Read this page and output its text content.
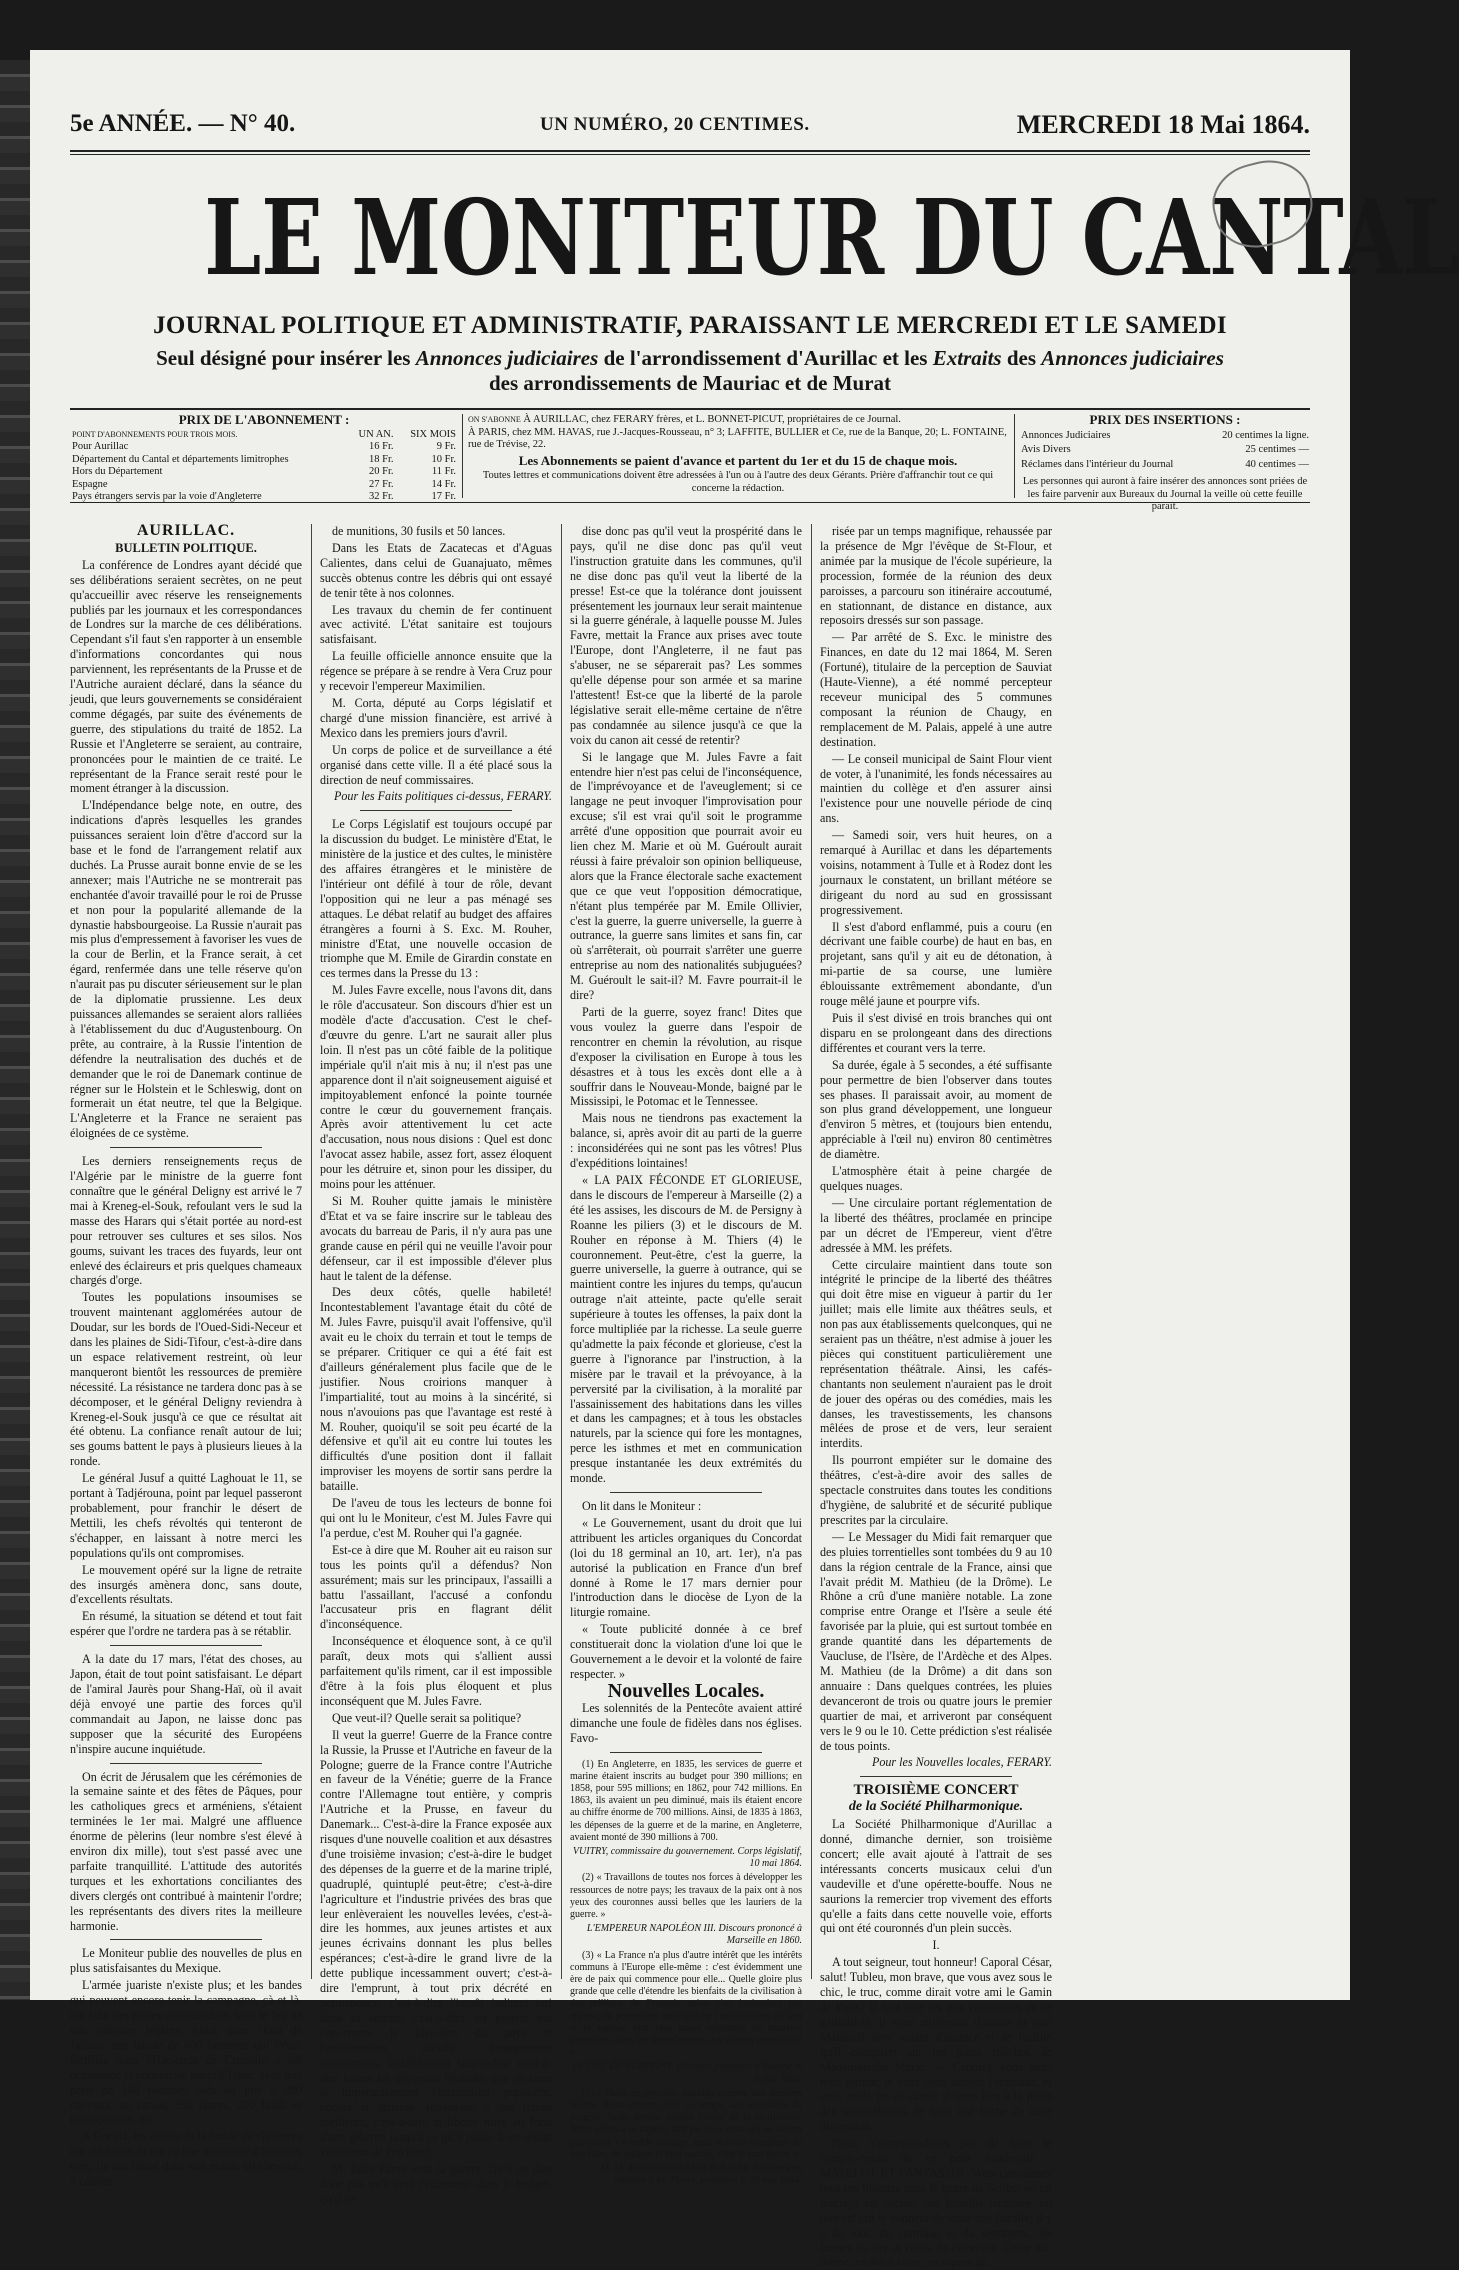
5e ANNÉE. — N° 40.	UN NUMÉRO, 20 CENTIMES.	MERCREDI 18 Mai 1864.
LE MONITEUR DU CANTAL
JOURNAL POLITIQUE ET ADMINISTRATIF, PARAISSANT LE MERCREDI ET LE SAMEDI
Seul désigné pour insérer les Annonces judiciaires de l'arrondissement d'Aurillac et les Extraits des Annonces judiciaires
des arrondissements de Mauriac et de Murat
PRIX DE L'ABONNEMENT :
POINT D'ABONNEMENTS POUR TROIS MOIS.	UN AN.	SIX MOIS
Pour Aurillac	16 Fr.	9 Fr.
Département du Cantal et départements limitrophes	18 Fr.	10 Fr.
Hors du Département	20 Fr.	11 Fr.
Espagne	27 Fr.	14 Fr.
Pays étrangers servis par la voie d'Angleterre	32 Fr.	17 Fr.
ON S'ABONNE À AURILLAC, chez FERARY frères, et L. BONNET-PICUT, propriétaires de ce Journal.
À PARIS, chez MM. HAVAS, rue J.-Jacques-Rousseau, n° 3; LAFFITE, BULLIER et Ce, rue de la Banque, 20; L. FONTAINE, rue de Trévise, 22.
Les Abonnements se paient d'avance et partent du 1er et du 15 de chaque mois.
Toutes lettres et communications doivent être adressées à l'un ou à l'autre des deux Gérants. Prière d'affranchir tout ce qui concerne la rédaction.
PRIX DES INSERTIONS :
Annonces Judiciaires	20 centimes la ligne.
Avis Divers	25 centimes —
Réclames dans l'intérieur du Journal	40 centimes —
Les personnes qui auront à faire insérer des annonces sont priées de les faire parvenir aux Bureaux du Journal la veille où cette feuille parait.

AURILLAC.

BULLETIN POLITIQUE.

La conférence de Londres ayant décidé que ses délibérations seraient secrètes, on ne peut qu'accueillir avec réserve les renseignements publiés par les journaux et les correspondances de Londres sur la marche de ces délibérations. Cependant s'il faut s'en rapporter à un ensemble d'informations concordantes qui nous parviennent, les représentants de la Prusse et de l'Autriche auraient déclaré, dans la séance du jeudi, que leurs gouvernements se considéraient comme dégagés, par suite des événements de guerre, des stipulations du traité de 1852. La Russie et l'Angleterre se seraient, au contraire, prononcées pour le maintien de ce traité. Le représentant de la France serait resté pour le moment étranger à la discussion.

L'Indépendance belge note, en outre, des indications d'après lesquelles les grandes puissances seraient loin d'être d'accord sur la base et le fond de l'arrangement relatif aux duchés. La Prusse aurait bonne envie de se les annexer; mais l'Autriche ne se montrerait pas enchantée d'avoir travaillé pour le roi de Prusse et non pour la popularité allemande de la dynastie habsbourgeoise. La Russie n'aurait pas mis plus d'empressement à favoriser les vues de la cour de Berlin, et la France serait, à cet égard, renfermée dans une telle réserve qu'on n'aurait pas pu discuter sérieusement sur le plan de la diplomatie prussienne. Les deux puissances allemandes se seraient alors ralliées à l'établissement du duc d'Augustenbourg. On prête, au contraire, à la Russie l'intention de défendre la neutralisation des duchés et de demander que le roi de Danemark continue de régner sur le Holstein et le Schleswig, dont on formerait un état neutre, tel que la Belgique. L'Angleterre et la France ne seraient pas éloignées de ce système.

Les derniers renseignements reçus de l'Algérie par le ministre de la guerre font connaître que le général Deligny est arrivé le 7 mai à Kreneg-el-Souk, refoulant vers le sud la masse des Harars qui s'était portée au nord-est pour retrouver ses cultures et ses silos. Nos goums, suivant les traces des fuyards, leur ont enlevé des éclaireurs et pris quelques chameaux chargés d'orge.

Toutes les populations insoumises se trouvent maintenant agglomérées autour de Doudar, sur les bords de l'Oued-Sidi-Neceur et dans les plaines de Sidi-Tifour, c'est-à-dire dans un espace relativement restreint, où leur manqueront bientôt les ressources de première nécessité. La résistance ne tardera donc pas à se décomposer, et le général Deligny reviendra à Kreneg-el-Souk jusqu'à ce que ce résultat ait été obtenu. La confiance renaît autour de lui; ses goums battent le pays à plusieurs lieues à la ronde.

Le général Jusuf a quitté Laghouat le 11, se portant à Tadjérouna, point par lequel passeront probablement, pour franchir le désert de Mettili, les chefs révoltés qui tenteront de s'échapper, en laissant à notre merci les populations qu'ils ont compromises.

Le mouvement opéré sur la ligne de retraite des insurgés amènera donc, sans doute, d'excellents résultats.

En résumé, la situation se détend et tout fait espérer que l'ordre ne tardera pas à se rétablir.

A la date du 17 mars, l'état des choses, au Japon, était de tout point satisfaisant. Le départ de l'amiral Jaurès pour Shang-Haï, où il avait déjà envoyé une partie des forces qu'il commandait au Japon, ne laisse donc pas supposer que la sécurité des Européens n'inspire aucune inquiétude.

On écrit de Jérusalem que les cérémonies de la semaine sainte et des fêtes de Pâques, pour les catholiques grecs et arméniens, s'étaient terminées le 1er mai. Malgré une affluence énorme de pèlerins (leur nombre s'est élevé à environ dix mille), tout s'est passé avec une parfaite tranquillité. L'attitude des autorités turques et les exhortations conciliantes des divers clergés ont contribué à maintenir l'ordre; les représentants des divers rites la meilleure harmonie.

Le Moniteur publie des nouvelles de plus en plus satisfaisantes du Mexique.

L'armée juariste n'existe plus; et les bandes qui peuvent encore tenir la campagne, çà et là, ont subi des pertes considérables sous le feu de nos colonnes légères. Ainsi, dans l'Etat de Jalisco, une bande de 600 hommes qui s'était fortifiée dans l'Hacienda de Cruizillo a été débusquée et poursuivie jusqu'à Tepic, avec une perte de 150 hommes tués ou pris à 280 chevaux, un canon, 250 lances, 200 fusils et mousquetons, etc.

A Cocula, les débris de la bande de Gutierrez ont été battus et ont eu une quinzaine d'hommes tués; ils ont laissé dans nos mains 60 chevaux, 5 caisses

de munitions, 30 fusils et 50 lances.

Dans les Etats de Zacatecas et d'Aguas Calientes, dans celui de Guanajuato, mêmes succès obtenus contre les débris qui ont essayé de tenir tête à nos colonnes.

Les travaux du chemin de fer continuent avec activité. L'état sanitaire est toujours satisfaisant.

La feuille officielle annonce ensuite que la régence se prépare à se rendre à Vera Cruz pour y recevoir l'empereur Maximilien.

M. Corta, député au Corps législatif et chargé d'une mission financière, est arrivé à Mexico dans les premiers jours d'avril.

Un corps de police et de surveillance a été organisé dans cette ville. Il a été placé sous la direction de neuf commissaires.

Pour les Faits politiques ci-dessus, FERARY.

Le Corps Législatif est toujours occupé par la discussion du budget. Le ministère d'Etat, le ministère de la justice et des cultes, le ministère des affaires étrangères et le ministère de l'intérieur ont défilé à tour de rôle, devant l'opposition qui ne leur a pas ménagé ses attaques. Le débat relatif au budget des affaires étrangères a fourni à S. Exc. M. Rouher, ministre d'Etat, une nouvelle occasion de triomphe que M. Emile de Girardin constate en ces termes dans la Presse du 13 :

M. Jules Favre excelle, nous l'avons dit, dans le rôle d'accusateur. Son discours d'hier est un modèle d'acte d'accusation. C'est le chef-d'œuvre du genre. L'art ne saurait aller plus loin. Il n'est pas un côté faible de la politique impériale qu'il n'ait mis à nu; il n'est pas une apparence dont il n'ait soigneusement aiguisé et impitoyablement enfoncé la pointe tournée contre le cœur du gouvernement français. Après avoir attentivement lu cet acte d'accusation, nous nous disions : Quel est donc l'avocat assez habile, assez fort, assez éloquent pour les détruire et, sinon pour les dissiper, du moins pour les atténuer.

Si M. Rouher quitte jamais le ministère d'Etat et va se faire inscrire sur le tableau des avocats du barreau de Paris, il n'y aura pas une grande cause en péril qui ne veuille l'avoir pour défenseur, car il est impossible d'élever plus haut le talent de la défense.

Des deux côtés, quelle habileté! Incontestablement l'avantage était du côté de M. Jules Favre, puisqu'il avait l'offensive, qu'il avait eu le choix du terrain et tout le temps de se préparer. Critiquer ce qui a été fait est d'ailleurs généralement plus facile que de le justifier. Nous croirions manquer à l'impartialité, tout au moins à la sincérité, si nous n'avouions pas que l'avantage est resté à M. Rouher, quoiqu'il se soit peu écarté de la défensive et qu'il ait eu contre lui toutes les difficultés d'une position dont il fallait improviser les moyens de sortir sans perdre la bataille.

De l'aveu de tous les lecteurs de bonne foi qui ont lu le Moniteur, c'est M. Jules Favre qui l'a perdue, c'est M. Rouher qui l'a gagnée.

Est-ce à dire que M. Rouher ait eu raison sur tous les points qu'il a défendus? Non assurément; mais sur les principaux, l'assailli a battu l'assaillant, l'accusé a confondu l'accusateur pris en flagrant délit d'inconséquence.

Inconséquence et éloquence sont, à ce qu'il paraît, deux mots qui s'allient aussi parfaitement qu'ils riment, car il est impossible d'être à la fois plus éloquent et plus inconséquent que M. Jules Favre.

Que veut-il? Quelle serait sa politique?

Il veut la guerre! Guerre de la France contre la Russie, la Prusse et l'Autriche en faveur de la Pologne; guerre de la France contre l'Autriche en faveur de la Vénétie; guerre de la France contre l'Allemagne tout entière, y compris l'Autriche et la Prusse, en faveur du Danemark... C'est-à-dire la France exposée aux risques d'une nouvelle coalition et aux désastres d'une troisième invasion; c'est-à-dire le budget des dépenses de la guerre et de la marine triplé, quadruplé, quintuplé peut-être; c'est-à-dire l'agriculture et l'industrie privées des bras que leur enlèveraient les nouvelles levées, c'est-à-dire les hommes, aux jeunes artistes et aux jeunes écrivains donnant les plus belles espérances; c'est-à-dire le grand livre de la dette publique incessamment ouvert; c'est-à-dire l'emprunt, à tout prix décrété en permanence; c'est-à-dire l'impôt indirect tari dans sa source; c'est-à-dire les projets qui concernent le bien-être du pays et l'amélioration sociale brusquement interrompus, indéfiniment suspendus; c'est-à-dire toutes les dépenses fécondes que réclame si impérieusement l'instruction populaire, encore si arriérée, renvoyées à des temps meilleurs; c'est-à-dire la liberté mise au fond d'une giberne jusqu'à ce qu'il plaise à un soldat victorieux de l'en tirer!

M. Jules Favre veut la guerre. Qu'il ne dise donc pas qu'il veut l'économie dans le budget, qu'il ne

dise donc pas qu'il veut la prospérité dans le pays, qu'il ne dise donc pas qu'il veut l'instruction gratuite dans les communes, qu'il ne dise donc pas qu'il veut la liberté de la presse! Est-ce que la tolérance dont jouissent présentement les journaux leur serait maintenue si la guerre générale, à laquelle pousse M. Jules Favre, mettait la France aux prises avec toute l'Europe, dont l'Angleterre, il ne faut pas s'abuser, ne se séparerait pas? Les sommes qu'elle dépense pour son armée et sa marine l'attestent! Est-ce que la liberté de la parole législative serait elle-même certaine de n'être pas condamnée au silence jusqu'à ce que la voix du canon ait cessé de retentir?

Si le langage que M. Jules Favre a fait entendre hier n'est pas celui de l'inconséquence, de l'imprévoyance et de l'aveuglement; si ce langage ne peut invoquer l'improvisation pour excuse; s'il est vrai qu'il soit le programme arrêté d'une opposition que pourrait avoir eu lien chez M. Marie et où M. Guéroult aurait réussi à faire prévaloir son opinion belliqueuse, alors que la France électorale sache exactement que ce que veut l'opposition démocratique, n'étant plus tempérée par M. Emile Ollivier, c'est la guerre, la guerre universelle, la guerre à outrance, la guerre sans limites et sans fin, car où s'arrêterait, où pourrait s'arrêter une guerre entreprise au nom des nationalités subjuguées? M. Guéroult le sait-il? M. Favre pourrait-il le dire?

Parti de la guerre, soyez franc! Dites que vous voulez la guerre dans l'espoir de rencontrer en chemin la révolution, au risque d'exposer la civilisation en Europe à tous les désastres et à tous les excès dont elle a à souffrir dans le Nouveau-Monde, baigné par le Mississipi, le Potomac et le Tennessee.

Mais nous ne tiendrons pas exactement la balance, si, après avoir dit au parti de la guerre : inconsidérées qui ne sont pas les vôtres! Plus d'expéditions lointaines!

« LA PAIX FÉCONDE ET GLORIEUSE, dans le discours de l'empereur à Marseille (2) a été les assises, les discours de M. de Persigny à Roanne les piliers (3) et le discours de M. Rouher en réponse à M. Thiers (4) le couronnement. Peut-être, c'est la guerre, la guerre universelle, la guerre à outrance, qui se maintient contre les injures du temps, qu'aucun outrage n'ait atteinte, pacte qu'elle serait supérieure à toutes les offenses, la paix dont la force multipliée par la richesse. La seule guerre qu'admette la paix féconde et glorieuse, c'est la guerre à l'ignorance par l'instruction, à la misère par le travail et la prévoyance, à la perversité par la civilisation, à la moralité par l'assainissement des habitations dans les villes et dans les campagnes; et à tous les obstacles naturels, par la science qui fore les montagnes, perce les isthmes et met en communication presque instantanée les deux extrémités du monde.

On lit dans le Moniteur :

« Le Gouvernement, usant du droit que lui attribuent les articles organiques du Concordat (loi du 18 germinal an 10, art. 1er), n'a pas autorisé la publication en France d'un bref donné à Rome le 17 mars dernier pour l'introduction dans le diocèse de Lyon de la liturgie romaine.

« Toute publicité donnée à ce bref constituerait donc la violation d'une loi que le Gouvernement a le devoir et la volonté de faire respecter. »

Nouvelles Locales.

Les solennités de la Pentecôte avaient attiré dimanche une foule de fidèles dans nos églises. Favo-

(1) En Angleterre, en 1835, les services de guerre et marine étaient inscrits au budget pour 390 millions; en 1858, pour 595 millions; en 1862, pour 742 millions. En 1863, ils avaient un peu diminué, mais ils étaient encore au chiffre énorme de 700 millions. Ainsi, de 1835 à 1863, les dépenses de la guerre et de la marine, en Angleterre, avaient monté de 390 millions à 700.

VUITRY, commissaire du gouvernement. Corps législatif, 10 mai 1864.

(2) « Travaillons de toutes nos forces à développer les ressources de notre pays; les travaux de la paix ont à nos yeux des couronnes aussi belles que les lauriers de la guerre. »

L'EMPEREUR NAPOLÉON III. Discours prononcé à Marseille en 1860.

(3) « La France n'a plus d'autre intérêt que les intérêts communs à l'Europe elle-même : c'est évidemment une ère de paix qui commence pour elle... Quelle gloire plus grande que celle d'étendre les bienfaits de la civilisation à des millions de Français qu'on n'en jouissaient pas encore, de poursuivre sans relâche l'amélioration du sort et la vapeur, tant plus grand ensemble de matières premières, dans les manufactures des masses populaires! »

LE DUC DE PERSIGNY. Discours prononcé à Roanne le 8 mai 1864.

(4) « Nous ne pouvons marcher comme aux derniers siècles. Nous devons obéir au temps, aux nécessités du progrès. Nous devons assurer l'essor de la civilisation. Nous allons à la vapeur, tant pis pour ceux qui ne savent pas courir. Ce noble courage, cette volonté énergique de tout faire, de réaliser le bien partout, c'est le vrai secret. »

M. LE MINISTRE D'ÉTAT ROUHER. Discours en réponse à M. Thiers, prononcé le 10 mai 1864.

risée par un temps magnifique, rehaussée par la présence de Mgr l'évêque de St-Flour, et animée par la musique de l'école supérieure, la procession, formée de la réunion des deux paroisses, a parcouru son itinéraire accoutumé, en stationnant, de distance en distance, aux reposoirs dressés sur son passage.

— Par arrêté de S. Exc. le ministre des Finances, en date du 12 mai 1864, M. Seren (Fortuné), titulaire de la perception de Sauviat (Haute-Vienne), a été nommé percepteur receveur municipal des 5 communes composant la réunion de Chaugy, en remplacement de M. Palais, appelé à une autre destination.

— Le conseil municipal de Saint Flour vient de voter, à l'unanimité, les fonds nécessaires au maintien du collège et d'en assurer ainsi l'existence pour une nouvelle période de cinq ans.

— Samedi soir, vers huit heures, on a remarqué à Aurillac et dans les départements voisins, notamment à Tulle et à Rodez dont les journaux le constatent, un brillant météore se dirigeant du nord au sud en grossissant progressivement.

Il s'est d'abord enflammé, puis a couru (en décrivant une faible courbe) de haut en bas, en projetant, sans qu'il y ait eu de détonation, à mi-partie de sa course, une lumière éblouissante extrêmement abondante, d'un rouge mêlé jaune et pourpre vifs.

Puis il s'est divisé en trois branches qui ont disparu en se prolongeant dans des directions différentes et courant vers la terre.

Sa durée, égale à 5 secondes, a été suffisante pour permettre de bien l'observer dans toutes ses phases. Il paraissait avoir, au moment de son plus grand développement, une longueur d'environ 5 mètres, et (toujours bien entendu, appréciable à l'œil nu) environ 80 centimètres de diamètre.

L'atmosphère était à peine chargée de quelques nuages.

— Une circulaire portant réglementation de la liberté des théâtres, proclamée en principe par un décret de l'Empereur, vient d'être adressée à MM. les préfets.

Cette circulaire maintient dans toute son intégrité le principe de la liberté des théâtres qui doit être mise en vigueur à partir du 1er juillet; mais elle limite aux théâtres seuls, et non pas aux établissements quelconques, qui ne seraient pas un théâtre, n'est admise à jouer les pièces qui constituent particulièrement une représentation théâtrale. Ainsi, les cafés-chantants non seulement n'auraient pas le droit de jouer des opéras ou des comédies, mais les danses, les travestissements, les chansons mêlées de prose et de vers, leur seraient interdits.

Ils pourront empiéter sur le domaine des théâtres, c'est-à-dire avoir des salles de spectacle construites dans toutes les conditions d'hygiène, de salubrité et de sécurité publique prescrites par la circulaire.

— Le Messager du Midi fait remarquer que des pluies torrentielles sont tombées du 9 au 10 dans la région centrale de la France, ainsi que l'avait prédit M. Mathieu (de la Drôme). Le Rhône a crû d'une manière notable. La zone comprise entre Orange et l'Isère a seule été favorisée par la pluie, qui est surtout tombée en grande quantité dans les départements de Vaucluse, de l'Isère, de l'Ardèche et des Alpes. M. Mathieu (de la Drôme) a dit dans son annuaire : Dans quelques contrées, les pluies devanceront de trois ou quatre jours le premier quartier de mai, et arriveront par conséquent vers le 9 ou le 10. Cette prédiction s'est réalisée de tous points.

Pour les Nouvelles locales, FERARY.

TROISIÈME CONCERT

de la Société Philharmonique.

La Société Philharmonique d'Aurillac a donné, dimanche dernier, son troisième concert; elle avait ajouté à l'attrait de ses intéressants concerts musicaux celui d'un vaudeville et d'une opérette-bouffe. Nous ne saurions la remercier trop vivement des efforts qu'elle a faits dans cette nouvelle voie, efforts qui ont été couronnés d'un plein succès.

I.

A tout seigneur, tout honneur! Caporal César, salut! Tubleu, mon brave, que vous avez sous le chic, le truc, comme dirait votre ami le Gamin de Paris? Il faut voir les airs vainqueurs de ce gaillard-là; il vous enlèverait d'assaut la tour Malakoff avec autant d'aisance et de facilité qu'il conquiert sur les joues fraîches de Mademoiselle Marie. — Caporal, vous avez mon estime; je veux vous donner l'accolade, et cette seule fin de savoir si vous êtes à la place des sous-officiers de faire une barbe de cette dimension.

Nous n'entreprendrons pas de faire le compte-rendu de ce petit vaudeville : MATELOT ET FANTASSIN. Vous connaissez tous ces bluettes dans le genre de Scribe, où un mariage est décidé, une brouille terminée, où tout est fait le bonheur de toute une famille; il y a de tout, du comique et du sentiment, les larmes du rire et celles de l'émotion. César lui-même, ce dur à cuire, ce sapeur de
